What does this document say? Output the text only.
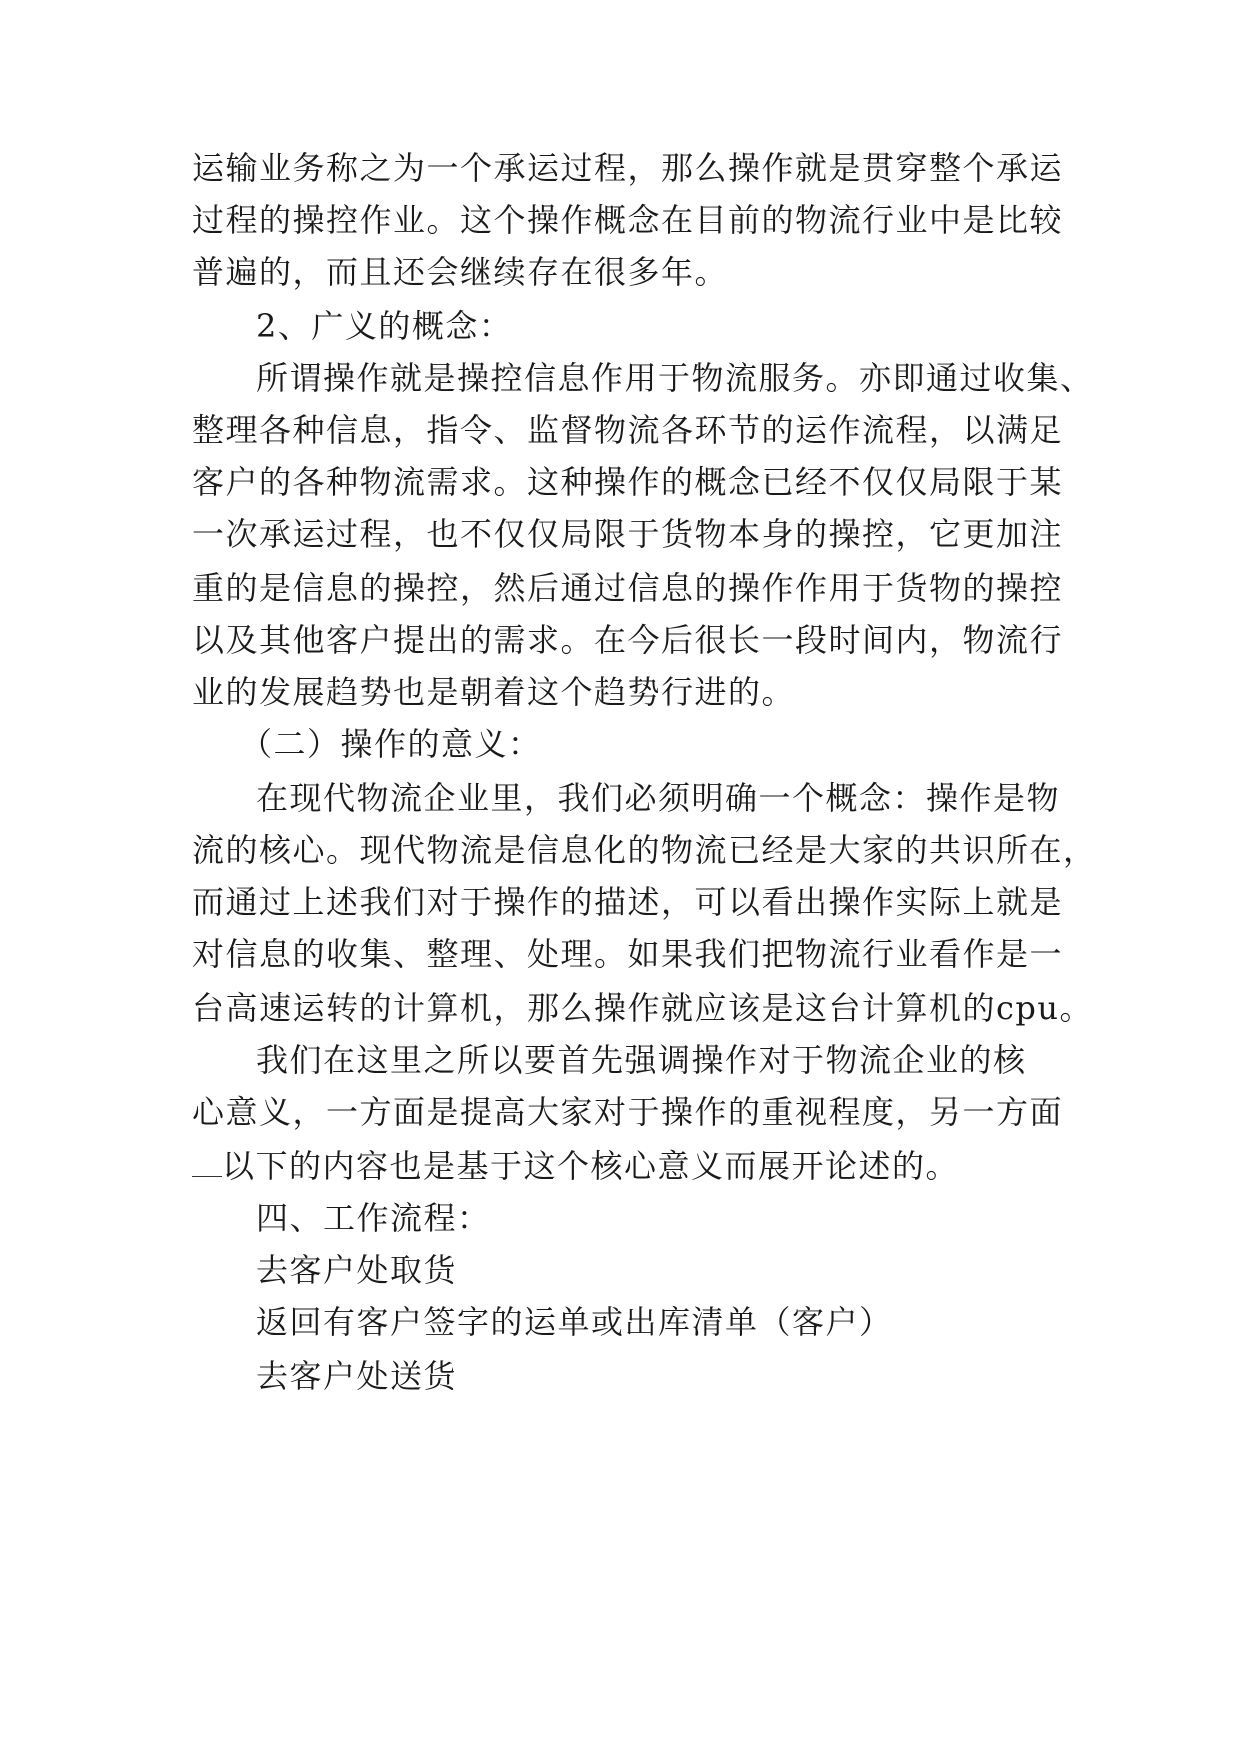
运输业务称之为一个承运过程，那么操作就是贯穿整个承运
过程的操控作业。这个操作概念在目前的物流行业中是比较
普遍的，而且还会继续存在很多年。
2、广义的概念：
所谓操作就是操控信息作用于物流服务。亦即通过收集、
整理各种信息，指令、监督物流各环节的运作流程，以满足
客户的各种物流需求。这种操作的概念已经不仅仅局限于某
一次承运过程，也不仅仅局限于货物本身的操控，它更加注
重的是信息的操控，然后通过信息的操作作用于货物的操控
以及其他客户提出的需求。在今后很长一段时间内，物流行
业的发展趋势也是朝着这个趋势行进的。
（二）操作的意义：
在现代物流企业里，我们必须明确一个概念：操作是物
流的核心。现代物流是信息化的物流已经是大家的共识所在，
而通过上述我们对于操作的描述，可以看出操作实际上就是
对信息的收集、整理、处理。如果我们把物流行业看作是一
台高速运转的计算机，那么操作就应该是这台计算机的cpu。
我们在这里之所以要首先强调操作对于物流企业的核
心意义，一方面是提高大家对于操作的重视程度，另一方面
以下的内容也是基于这个核心意义而展开论述的。
四、工作流程：
去客户处取货
返回有客户签字的运单或出库清单（客户）
去客户处送货
